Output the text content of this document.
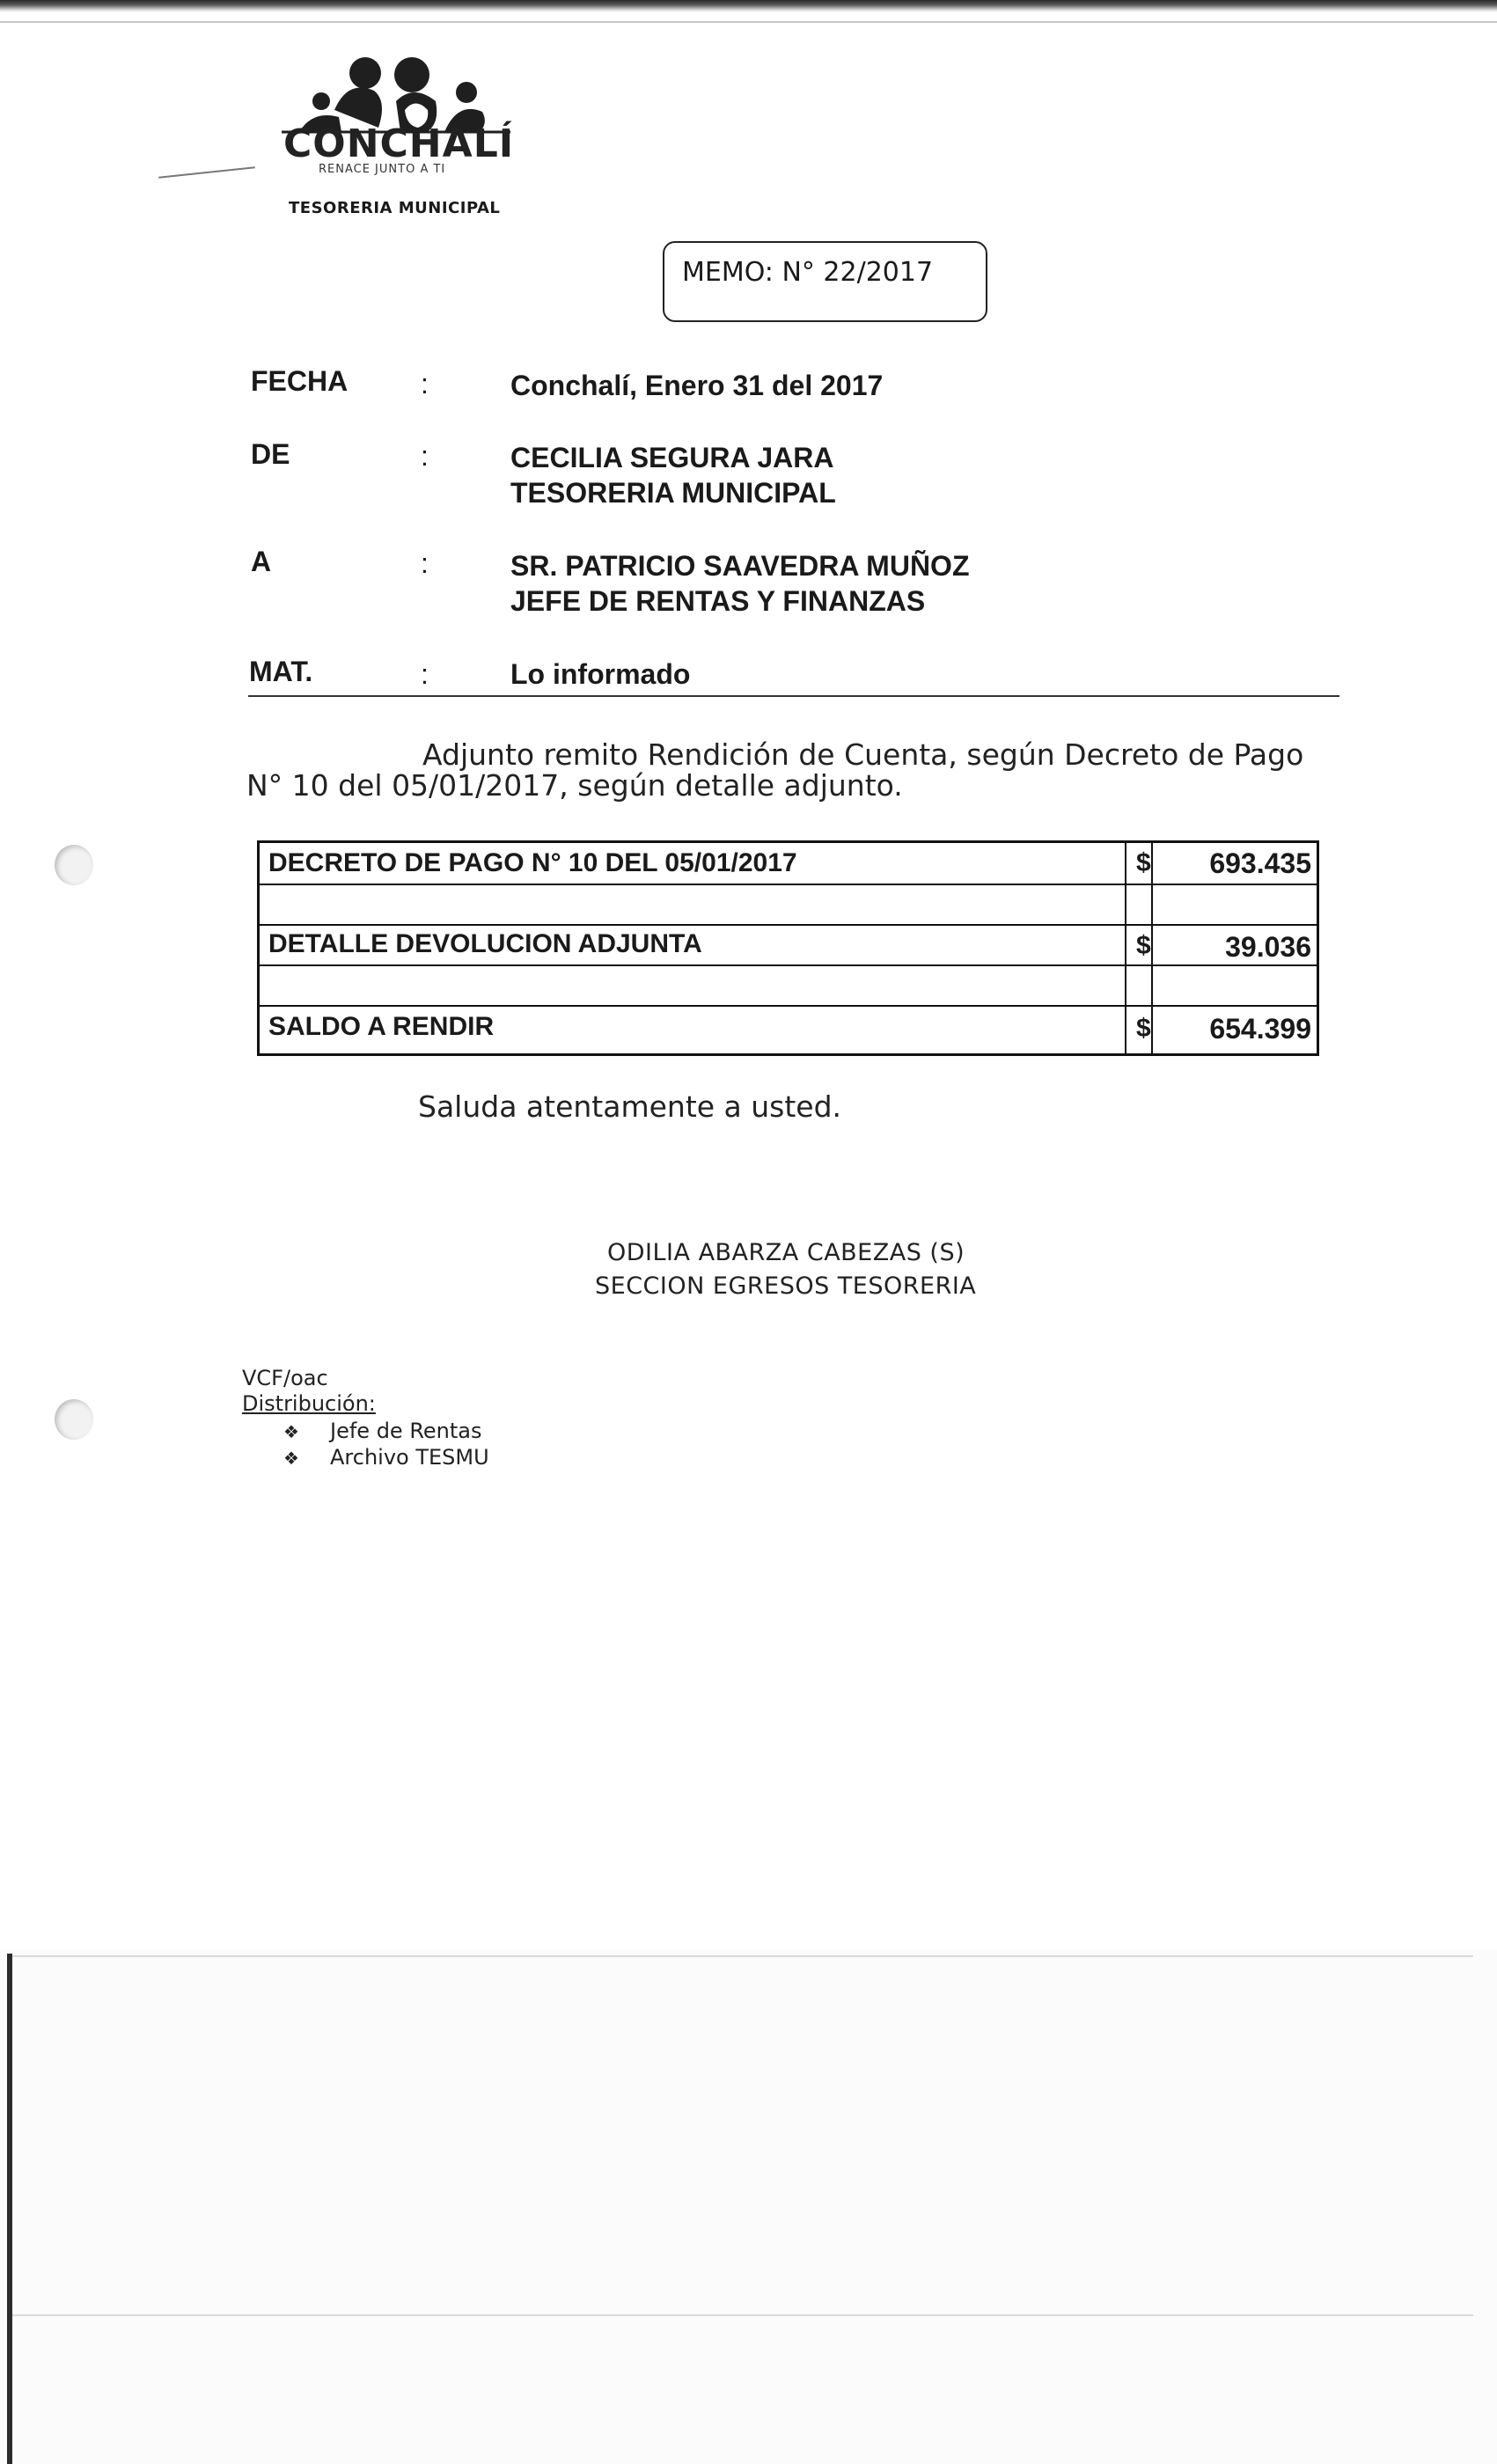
CONCHALÍ
RENACE JUNTO A TI
TESORERIA MUNICIPAL
MEMO: N° 22/2017
FECHA	:	Conchalí, Enero 31 del 2017
DE	:	CECILIA SEGURA JARA
TESORERIA MUNICIPAL
A	:	SR. PATRICIO SAAVEDRA MUÑOZ
JEFE DE RENTAS Y FINANZAS
MAT.	:	Lo informado
Adjunto remito Rendición de Cuenta, según Decreto de Pago
N° 10 del 05/01/2017, según detalle adjunto.
DECRETO DE PAGO N° 10 DEL 05/01/2017	$ 693.435
DETALLE DEVOLUCION ADJUNTA	$	39.036
SALDO A RENDIR	$ 654.399
Saluda atentamente a usted.
ODILIA ABARZA CABEZAS (S)
SECCION EGRESOS TESORERIA
VCF/oac
Distribución:
❖ Jefe de Rentas
❖ Archivo TESMU
